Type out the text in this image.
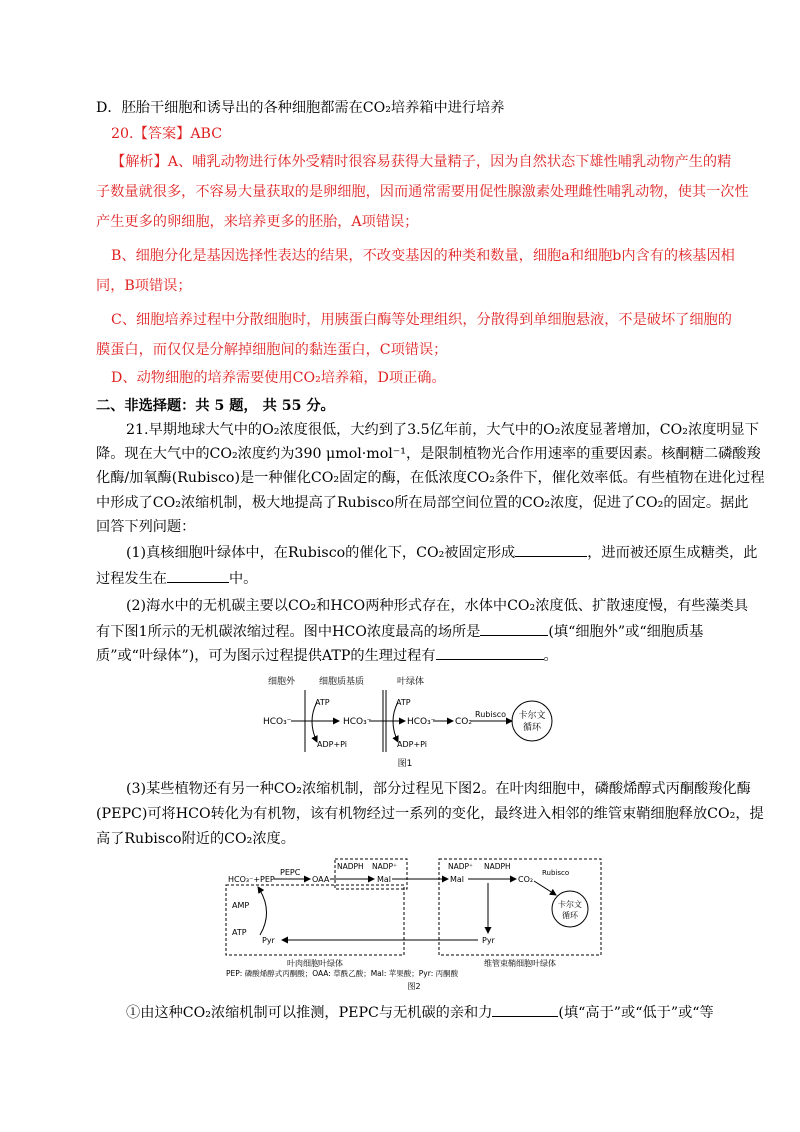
D．胚胎干细胞和诱导出的各种细胞都需在CO₂培养箱中进行培养
20.【答案】ABC
【解析】A、哺乳动物进行体外受精时很容易获得大量精子，因为自然状态下雄性哺乳动物产生的精
子数量就很多，不容易大量获取的是卵细胞，因而通常需要用促性腺激素处理雌性哺乳动物，使其一次性
产生更多的卵细胞，来培养更多的胚胎，A项错误；
B、细胞分化是基因选择性表达的结果，不改变基因的种类和数量，细胞a和细胞b内含有的核基因相
同，B项错误；
C、细胞培养过程中分散细胞时，用胰蛋白酶等处理组织，分散得到单细胞悬液，不是破坏了细胞的
膜蛋白，而仅仅是分解掉细胞间的黏连蛋白，C项错误；
D、动物细胞的培养需要使用CO₂培养箱，D项正确。
二、非选择题：共 5 题， 共 55 分。
21.早期地球大气中的O₂浓度很低，大约到了3.5亿年前，大气中的O₂浓度显著增加，CO₂浓度明显下
降。现在大气中的CO₂浓度约为390 μmol·mol⁻¹，是限制植物光合作用速率的重要因素。核酮糖二磷酸羧
化酶/加氧酶(Rubisco)是一种催化CO₂固定的酶，在低浓度CO₂条件下，催化效率低。有些植物在进化过程
中形成了CO₂浓缩机制，极大地提高了Rubisco所在局部空间位置的CO₂浓度，促进了CO₂的固定。据此
回答下列问题：
(1)真核细胞叶绿体中，在Rubisco的催化下，CO₂被固定形成	，进而被还原生成糖类，此
过程发生在	中。
(2)海水中的无机碳主要以CO₂和HCO两种形式存在，水体中CO₂浓度低、扩散速度慢，有些藻类具
有下图1所示的无机碳浓缩过程。图中HCO浓度最高的场所是	(填“细胞外”或“细胞质基
质”或“叶绿体”)，可为图示过程提供ATP的生理过程有	。
细胞外	细胞质基质	叶绿体
HCO₃⁻	HCO₃⁻	HCO₃⁻ CO₂
Rubisco 卡尔文
循环
ATP
ADP+Pi
ATP
ADP+Pi
图1
(3)某些植物还有另一种CO₂浓缩机制，部分过程见下图2。在叶肉细胞中，磷酸烯醇式丙酮酸羧化酶
(PEPC)可将HCO转化为有机物，该有机物经过一系列的变化，最终进入相邻的维管束鞘细胞释放CO₂，提
高了Rubisco附近的CO₂浓度。
HCO₃⁻+PEP
PEPC
OAA
NADPH NADP⁺
Mal	Mal
NADP⁺ NADPH
CO₂
Rubisco
卡尔文
循环
Pyr
Pyr
AMP
ATP
叶肉细胞叶绿体	维管束鞘细胞叶绿体
PEP: 磷酸烯醇式丙酮酸；OAA: 草酰乙酸；Mal: 苹果酸；Pyr: 丙酮酸
图2
①由这种CO₂浓缩机制可以推测，PEPC与无机碳的亲和力	(填“高于”或“低于”或“等
